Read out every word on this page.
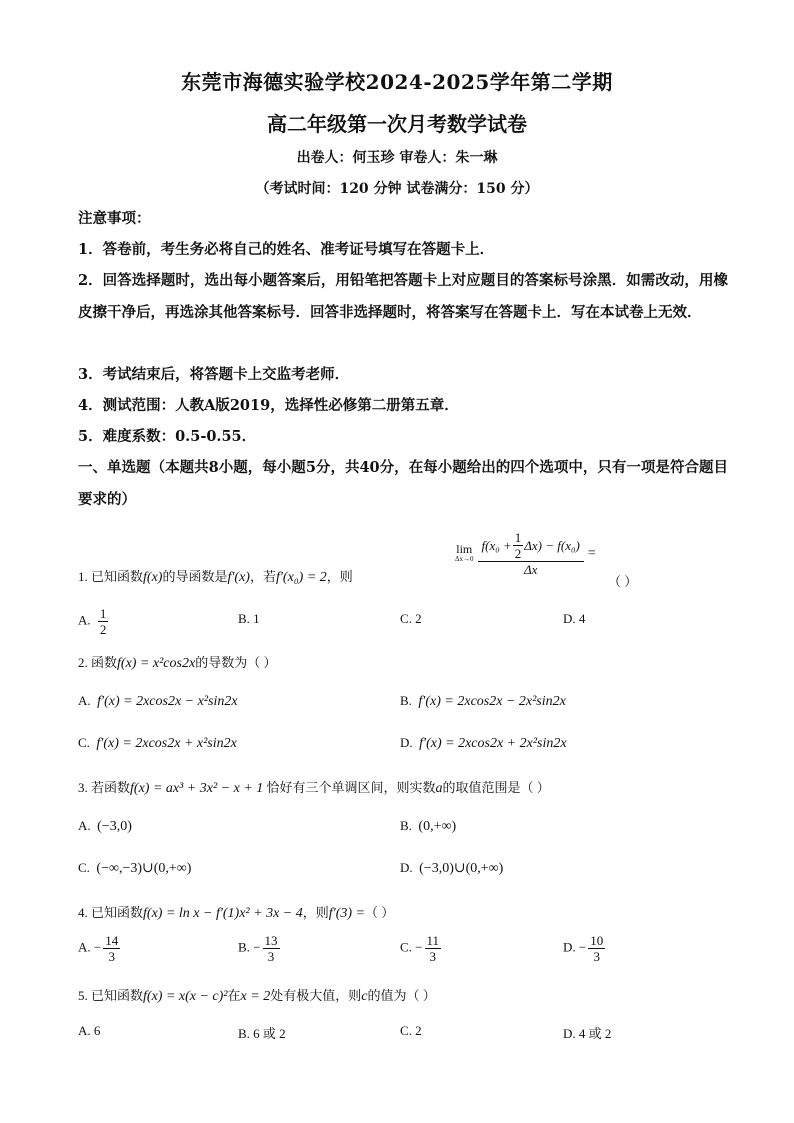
东莞市海德实验学校2024-2025学年第二学期
高二年级第一次月考数学试卷
出卷人：何玉珍 审卷人：朱一琳
（考试时间：120 分钟 试卷满分：150 分）
注意事项：
1．答卷前，考生务必将自己的姓名、准考证号填写在答题卡上．
2．回答选择题时，选出每小题答案后，用铅笔把答题卡上对应题目的答案标号涂黑．如需改动，用橡皮擦干净后，再选涂其他答案标号．回答非选择题时，将答案写在答题卡上．写在本试卷上无效．
3．考试结束后，将答题卡上交监考老师．
4．测试范围：人教A版2019，选择性必修第二册第五章．
5．难度系数：0.5-0.55．
一、单选题（本题共8小题，每小题5分，共40分，在每小题给出的四个选项中，只有一项是符合题目要求的）
1. 已知函数f(x)的导函数是f′(x)，若f′(x₀) = 2，则
lim
Δx→0
$f(x_0 + \frac{1}{2} \Delta x) - f(x_0)$
Δx
=
（ ）
A. $\frac{1}{2}$	B. 1	C. 2	D. 4
2. 函数f(x) = x²cos2x的导数为（ ）
A. f′(x) = 2xcos2x − x²sin2x	B. f′(x) = 2xcos2x − 2x²sin2x
C. f′(x) = 2xcos2x + x²sin2x	D. f′(x) = 2xcos2x + 2x²sin2x
3. 若函数f(x) = ax³ + 3x² − x + 1 恰好有三个单调区间，则实数a的取值范围是（ ）
A. (−3,0)	B. (0,+∞)
C. (−∞,−3)∪(0,+∞)	D. (−3,0)∪(0,+∞)
4. 已知函数f(x) = ln x − f′(1)x² + 3x − 4，则f′(3) =（ ）
A. − $\frac{14}{3}$	B. − $\frac{13}{3}$	C. − $\frac{11}{3}$	D. − $\frac{10}{3}$
5. 已知函数f(x) = x(x − c)²在x = 2处有极大值，则c的值为（ ）
A. 6	B. 6 或 2	C. 2	D. 4 或 2
